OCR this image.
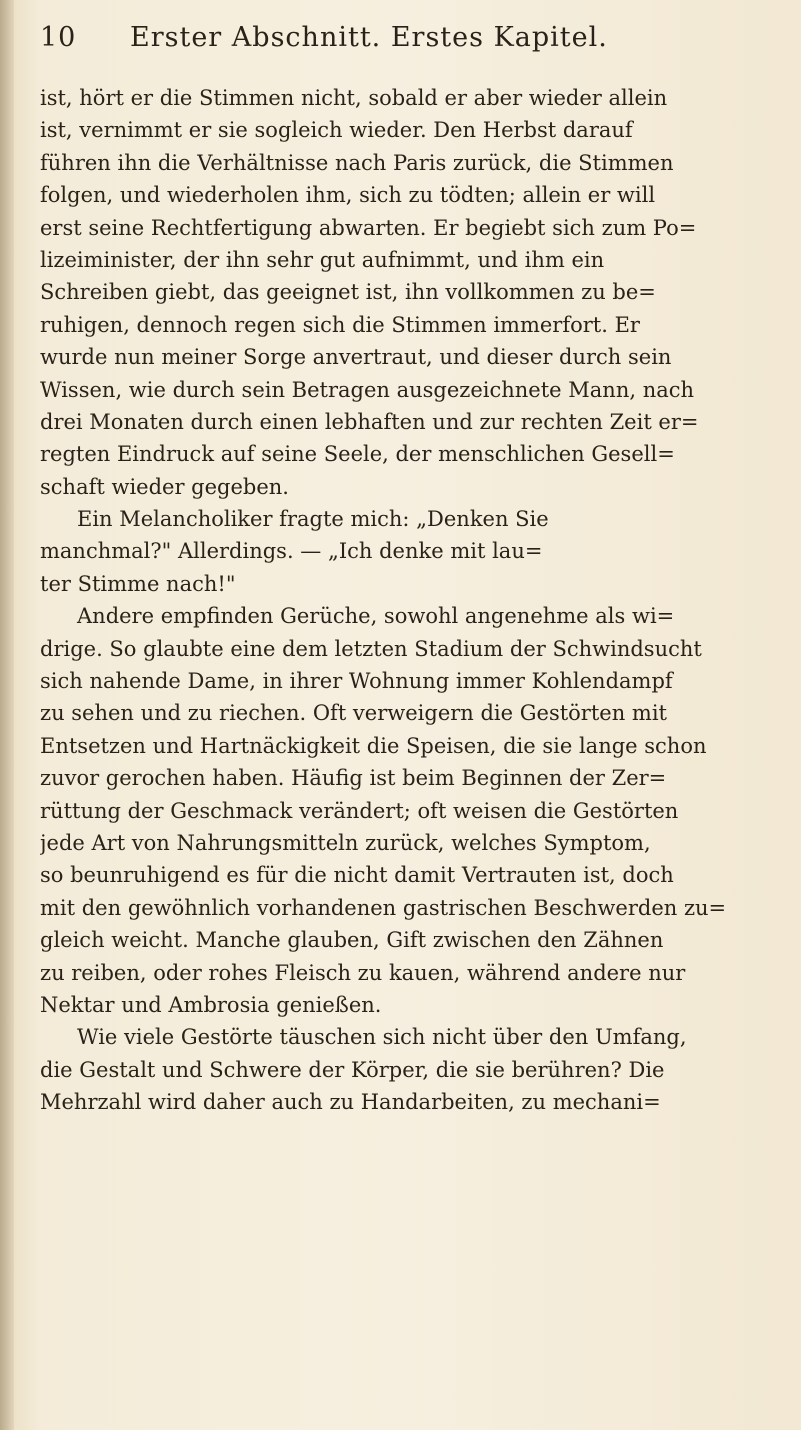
10 Erster Abschnitt. Erstes Kapitel.
ist, hört er die Stimmen nicht, sobald er aber wieder allein
ist, vernimmt er sie sogleich wieder. Den Herbst darauf
führen ihn die Verhältnisse nach Paris zurück, die Stimmen
folgen, und wiederholen ihm, sich zu tödten; allein er will
erst seine Rechtfertigung abwarten. Er begiebt sich zum Po=
lizeiminister, der ihn sehr gut aufnimmt, und ihm ein
Schreiben giebt, das geeignet ist, ihn vollkommen zu be=
ruhigen, dennoch regen sich die Stimmen immerfort. Er
wurde nun meiner Sorge anvertraut, und dieser durch sein
Wissen, wie durch sein Betragen ausgezeichnete Mann, nach
drei Monaten durch einen lebhaften und zur rechten Zeit er=
regten Eindruck auf seine Seele, der menschlichen Gesell=
schaft wieder gegeben.
Ein Melancholiker fragte mich: „Denken Sie
manchmal?" Allerdings. — „Ich denke mit lau=
ter Stimme nach!"
Andere empfinden Gerüche, sowohl angenehme als wi=
drige. So glaubte eine dem letzten Stadium der Schwindsucht
sich nahende Dame, in ihrer Wohnung immer Kohlendampf
zu sehen und zu riechen. Oft verweigern die Gestörten mit
Entsetzen und Hartnäckigkeit die Speisen, die sie lange schon
zuvor gerochen haben. Häufig ist beim Beginnen der Zer=
rüttung der Geschmack verändert; oft weisen die Gestörten
jede Art von Nahrungsmitteln zurück, welches Symptom,
so beunruhigend es für die nicht damit Vertrauten ist, doch
mit den gewöhnlich vorhandenen gastrischen Beschwerden zu=
gleich weicht. Manche glauben, Gift zwischen den Zähnen
zu reiben, oder rohes Fleisch zu kauen, während andere nur
Nektar und Ambrosia genießen.
Wie viele Gestörte täuschen sich nicht über den Umfang,
die Gestalt und Schwere der Körper, die sie berühren? Die
Mehrzahl wird daher auch zu Handarbeiten, zu mechani=
